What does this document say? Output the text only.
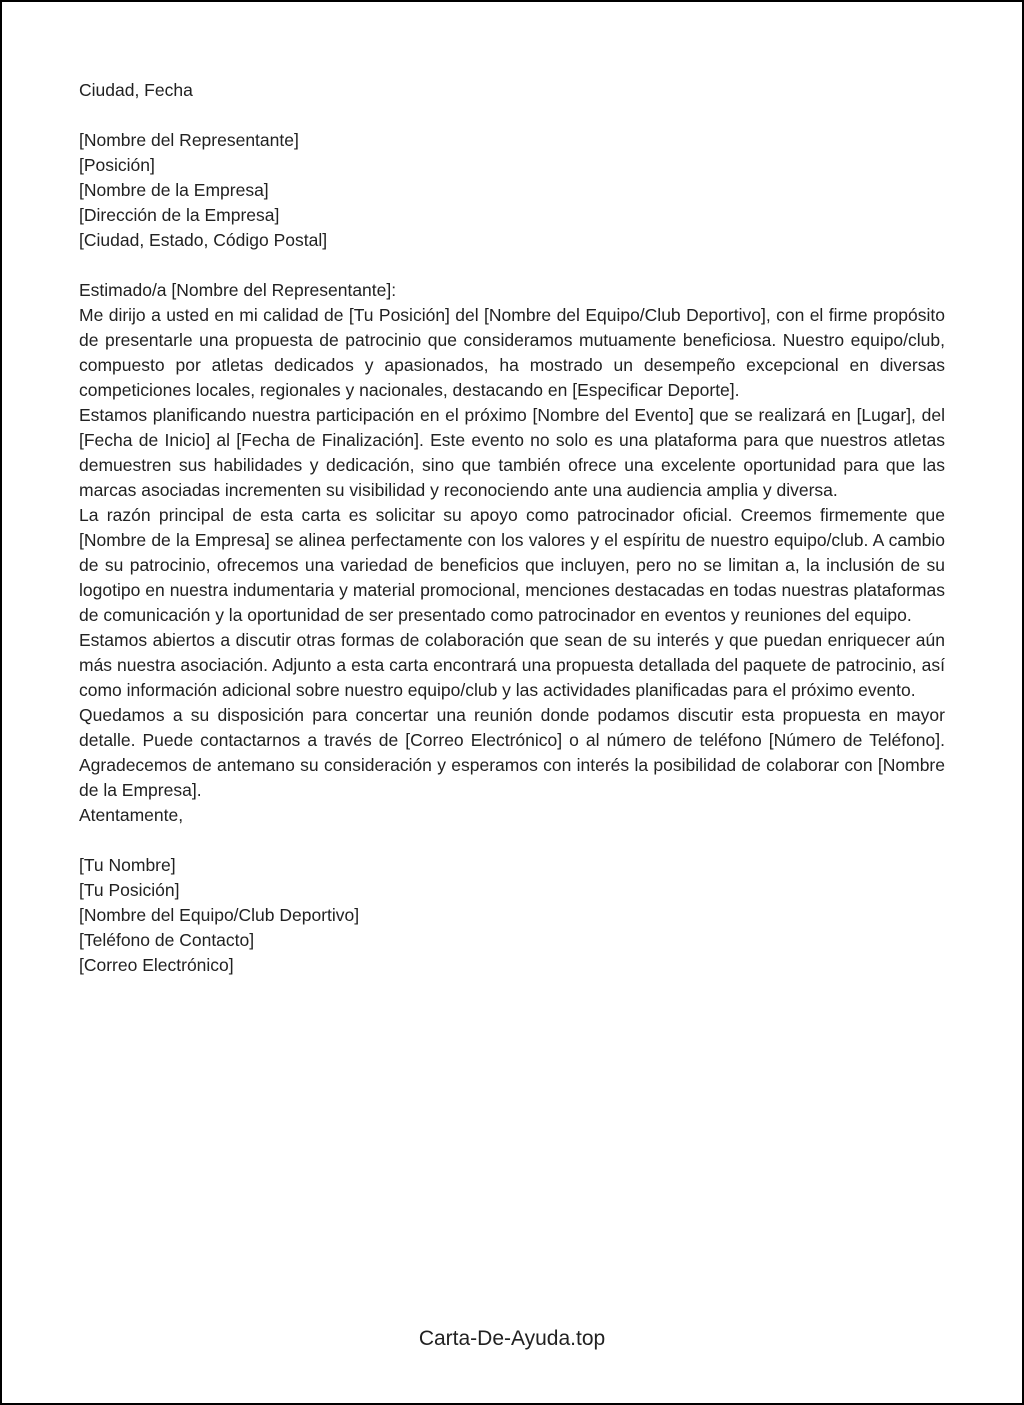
Ciudad, Fecha

[Nombre del Representante]

[Posición]

[Nombre de la Empresa]

[Dirección de la Empresa]

[Ciudad, Estado, Código Postal]

Estimado/a [Nombre del Representante]:

Me dirijo a usted en mi calidad de [Tu Posición] del [Nombre del Equipo/Club Deportivo], con el firme propósito de presentarle una propuesta de patrocinio que consideramos mutuamente beneficiosa. Nuestro equipo/club, compuesto por atletas dedicados y apasionados, ha mostrado un desempeño excepcional en diversas competiciones locales, regionales y nacionales, destacando en [Especificar Deporte].

Estamos planificando nuestra participación en el próximo [Nombre del Evento] que se realizará en [Lugar], del [Fecha de Inicio] al [Fecha de Finalización]. Este evento no solo es una plataforma para que nuestros atletas demuestren sus habilidades y dedicación, sino que también ofrece una excelente oportunidad para que las marcas asociadas incrementen su visibilidad y reconociendo ante una audiencia amplia y diversa.

La razón principal de esta carta es solicitar su apoyo como patrocinador oficial. Creemos firmemente que [Nombre de la Empresa] se alinea perfectamente con los valores y el espíritu de nuestro equipo/club. A cambio de su patrocinio, ofrecemos una variedad de beneficios que incluyen, pero no se limitan a, la inclusión de su logotipo en nuestra indumentaria y material promocional, menciones destacadas en todas nuestras plataformas de comunicación y la oportunidad de ser presentado como patrocinador en eventos y reuniones del equipo.

Estamos abiertos a discutir otras formas de colaboración que sean de su interés y que puedan enriquecer aún más nuestra asociación. Adjunto a esta carta encontrará una propuesta detallada del paquete de patrocinio, así como información adicional sobre nuestro equipo/club y las actividades planificadas para el próximo evento.

Quedamos a su disposición para concertar una reunión donde podamos discutir esta propuesta en mayor detalle. Puede contactarnos a través de [Correo Electrónico] o al número de teléfono [Número de Teléfono]. Agradecemos de antemano su consideración y esperamos con interés la posibilidad de colaborar con [Nombre de la Empresa].

Atentamente,

[Tu Nombre]

[Tu Posición]

[Nombre del Equipo/Club Deportivo]

[Teléfono de Contacto]

[Correo Electrónico]

Carta-De-Ayuda.top
